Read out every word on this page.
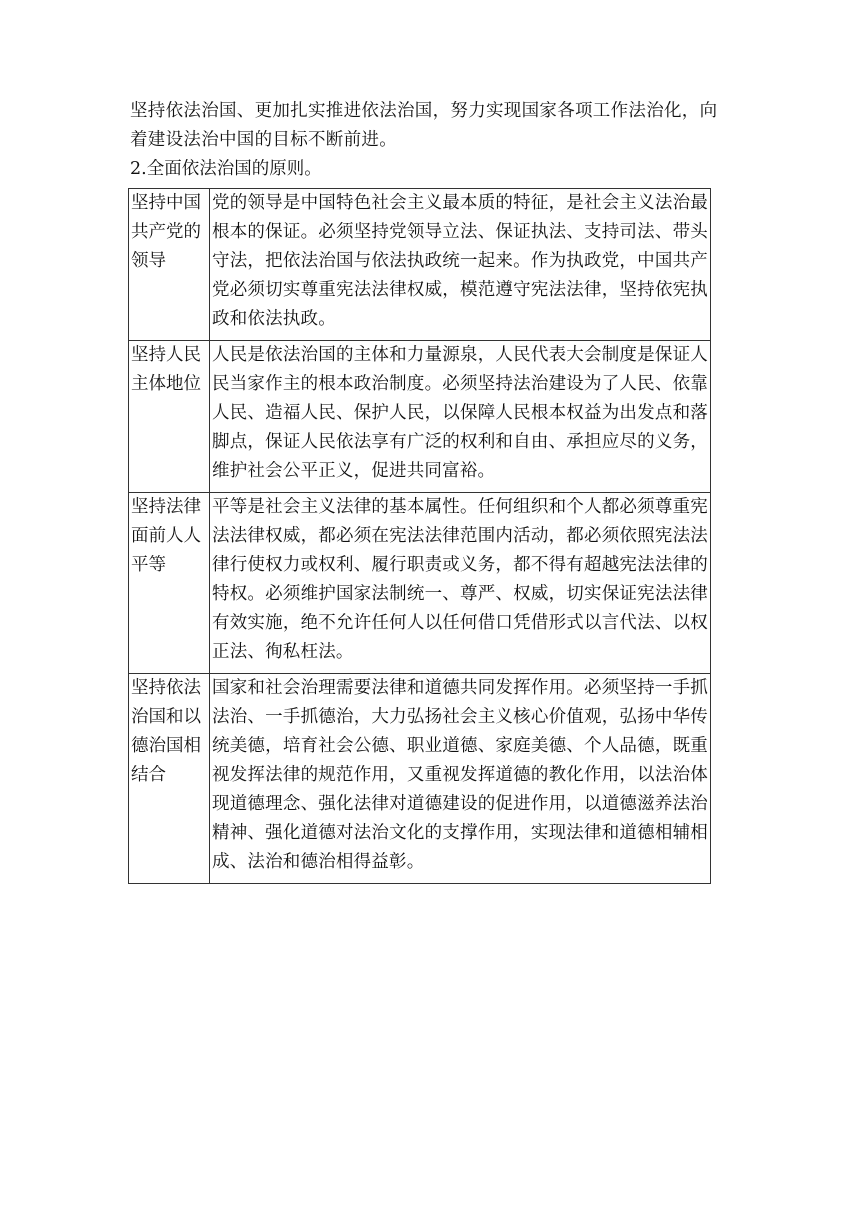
坚持依法治国、更加扎实推进依法治国，努力实现国家各项工作法治化，向着建设法治中国的目标不断前进。

2.全面依法治国的原则。

坚持中国共产党的领导	党的领导是中国特色社会主义最本质的特征，是社会主义法治最根本的保证。必须坚持党领导立法、保证执法、支持司法、带头守法，把依法治国与依法执政统一起来。作为执政党，中国共产党必须切实尊重宪法法律权威，模范遵守宪法法律，坚持依宪执政和依法执政。
坚持人民主体地位	人民是依法治国的主体和力量源泉，人民代表大会制度是保证人民当家作主的根本政治制度。必须坚持法治建设为了人民、依靠人民、造福人民、保护人民，以保障人民根本权益为出发点和落脚点，保证人民依法享有广泛的权利和自由、承担应尽的义务，维护社会公平正义，促进共同富裕。
坚持法律面前人人平等	平等是社会主义法律的基本属性。任何组织和个人都必须尊重宪法法律权威，都必须在宪法法律范围内活动，都必须依照宪法法律行使权力或权利、履行职责或义务，都不得有超越宪法法律的特权。必须维护国家法制统一、尊严、权威，切实保证宪法法律有效实施，绝不允许任何人以任何借口凭借形式以言代法、以权正法、徇私枉法。
坚持依法治国和以德治国相结合	国家和社会治理需要法律和道德共同发挥作用。必须坚持一手抓法治、一手抓德治，大力弘扬社会主义核心价值观，弘扬中华传统美德，培育社会公德、职业道德、家庭美德、个人品德，既重视发挥法律的规范作用，又重视发挥道德的教化作用，以法治体现道德理念、强化法律对道德建设的促进作用，以道德滋养法治精神、强化道德对法治文化的支撑作用，实现法律和道德相辅相成、法治和德治相得益彰。
